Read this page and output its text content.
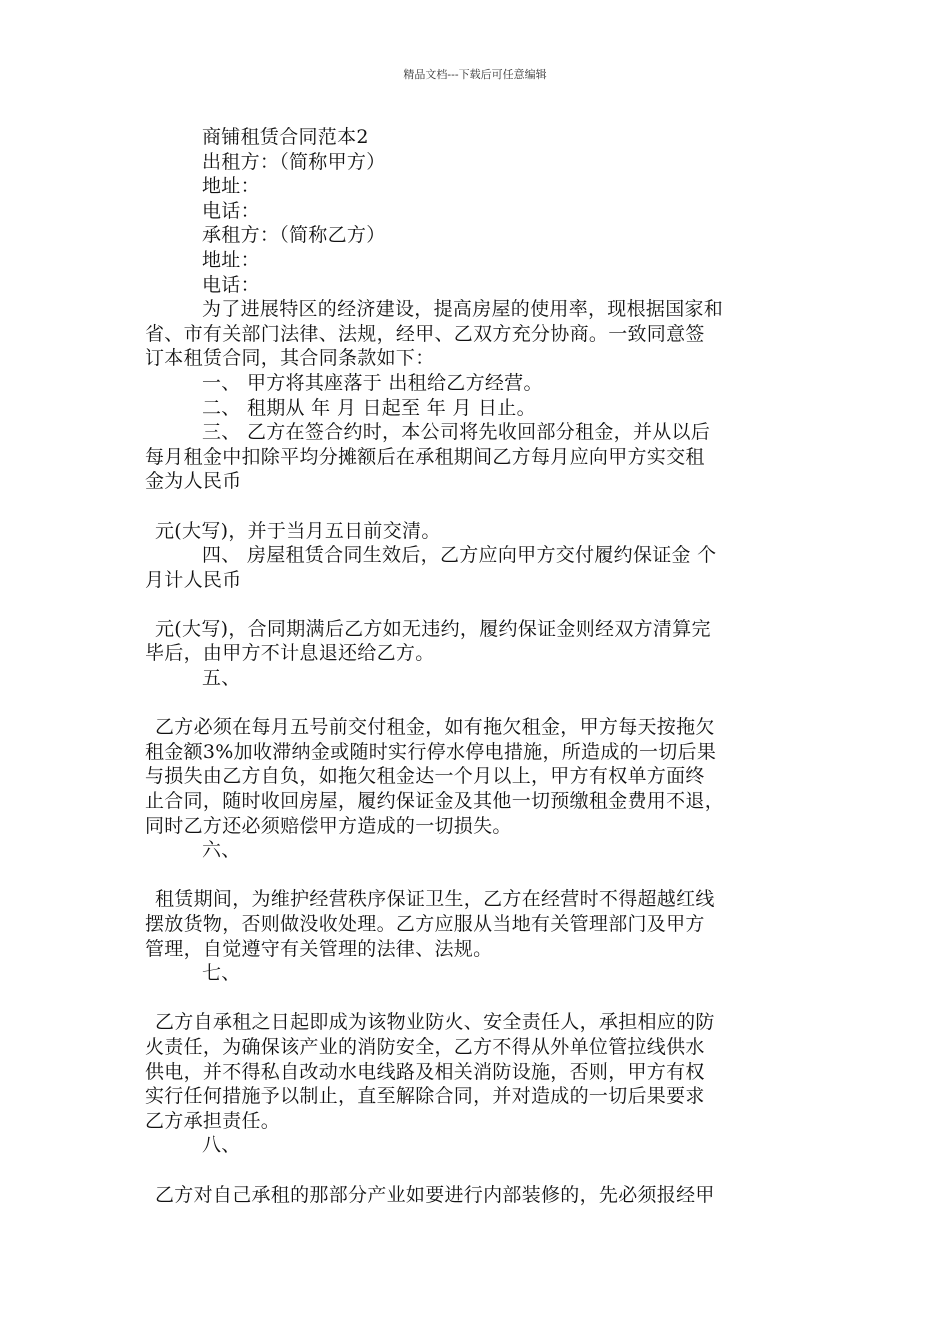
精品文档---下载后可任意编辑
商铺租赁合同范本2
出租方：（简称甲方）
地址：
电话：
承租方：（简称乙方）
地址：
电话：
为了进展特区的经济建设，提高房屋的使用率，现根据国家和
省、市有关部门法律、法规，经甲、乙双方充分协商。一致同意签
订本租赁合同，其合同条款如下：
一、 甲方将其座落于 出租给乙方经营。
二、 租期从 年 月 日起至 年 月 日止。
三、 乙方在签合约时，本公司将先收回部分租金，并从以后
每月租金中扣除平均分摊额后在承租期间乙方每月应向甲方实交租
金为人民币
元(大写)，并于当月五日前交清。
四、 房屋租赁合同生效后，乙方应向甲方交付履约保证金 个
月计人民币
元(大写)，合同期满后乙方如无违约，履约保证金则经双方清算完
毕后，由甲方不计息退还给乙方。
五、
乙方必须在每月五号前交付租金，如有拖欠租金，甲方每天按拖欠
租金额3%加收滞纳金或随时实行停水停电措施，所造成的一切后果
与损失由乙方自负，如拖欠租金达一个月以上，甲方有权单方面终
止合同，随时收回房屋，履约保证金及其他一切预缴租金费用不退，
同时乙方还必须赔偿甲方造成的一切损失。
六、
租赁期间，为维护经营秩序保证卫生，乙方在经营时不得超越红线
摆放货物，否则做没收处理。乙方应服从当地有关管理部门及甲方
管理，自觉遵守有关管理的法律、法规。
七、
乙方自承租之日起即成为该物业防火、安全责任人，承担相应的防
火责任，为确保该产业的消防安全，乙方不得从外单位管拉线供水
供电，并不得私自改动水电线路及相关消防设施，否则，甲方有权
实行任何措施予以制止，直至解除合同，并对造成的一切后果要求
乙方承担责任。
八、
乙方对自己承租的那部分产业如要进行内部装修的，先必须报经甲
